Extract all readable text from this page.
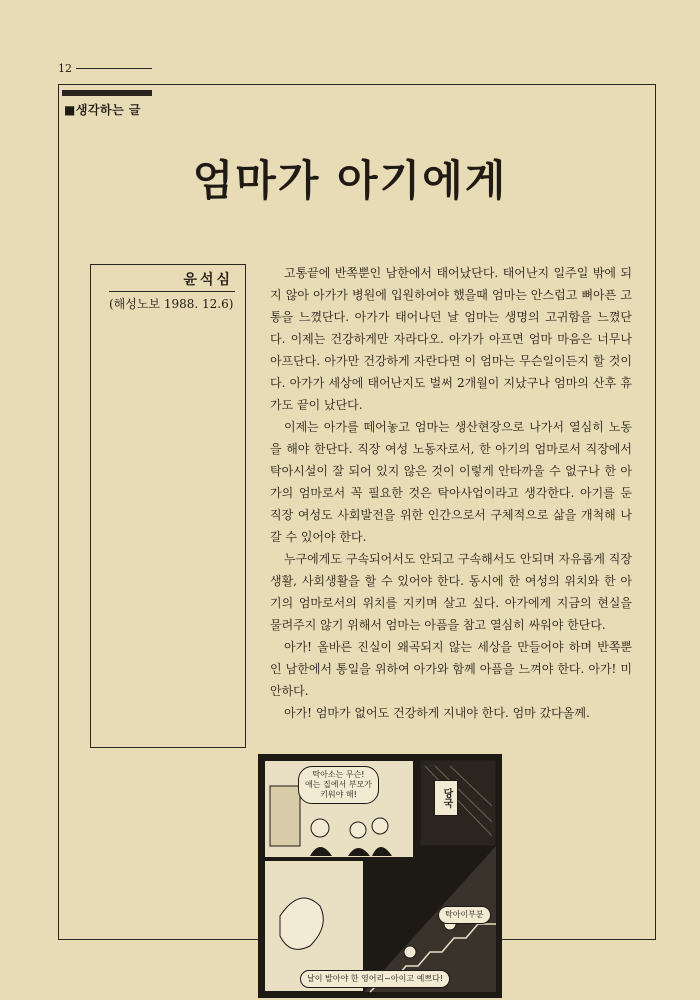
12
■생각하는 글
엄마가 아기에게
윤석심
(해성노보 1988. 12.6)

고통끝에 반쪽뿐인 남한에서 태어났단다. 태어난지 일주일 밖에 되지 않아 아가가 병원에 입원하여야 했을때 엄마는 안스럽고 뼈아픈 고통을 느꼈단다. 아가가 태어나던 날 엄마는 생명의 고귀함을 느꼈단다. 이제는 건강하게만 자라다오. 아가가 아프면 엄마 마음은 너무나 아프단다. 아가만 건강하게 자란다면 이 엄마는 무슨일이든지 할 것이다. 아가가 세상에 태어난지도 벌써 2개월이 지났구나 엄마의 산후 휴가도 끝이 났단다.

이제는 아가를 떼어놓고 엄마는 생산현장으로 나가서 열심히 노동을 해야 한단다. 직장 여성 노동자로서, 한 아기의 엄마로서 직장에서 탁아시설이 잘 되어 있지 않은 것이 이렇게 안타까울 수 없구나 한 아가의 엄마로서 꼭 필요한 것은 탁아사업이라고 생각한다. 아기를 둔 직장 여성도 사회발전을 위한 인간으로서 구체적으로 삶을 개척해 나갈 수 있어야 한다.

누구에게도 구속되어서도 안되고 구속해서도 안되며 자유롭게 직장생활, 사회생활을 할 수 있어야 한다. 동시에 한 여성의 위치와 한 아기의 엄마로서의 위치를 지키며 살고 싶다. 아가에게 지금의 현실을 물려주지 않기 위해서 엄마는 아픔을 참고 열심히 싸워야 한단다.

아가! 올바른 진실이 왜곡되지 않는 세상을 만들어야 하며 반쪽뿐인 남한에서 통일을 위하여 아가와 함께 아픔을 느껴야 한다. 아가! 미안하다.

아가! 엄마가 없어도 건강하게 지내야 한다. 엄마 갔다올께.

탁아소는 무슨!
애는 집에서 부모가
키워야 해!	당국
탁아이부분
날이 발아야 한 영어리~아이고 예쁘다!
